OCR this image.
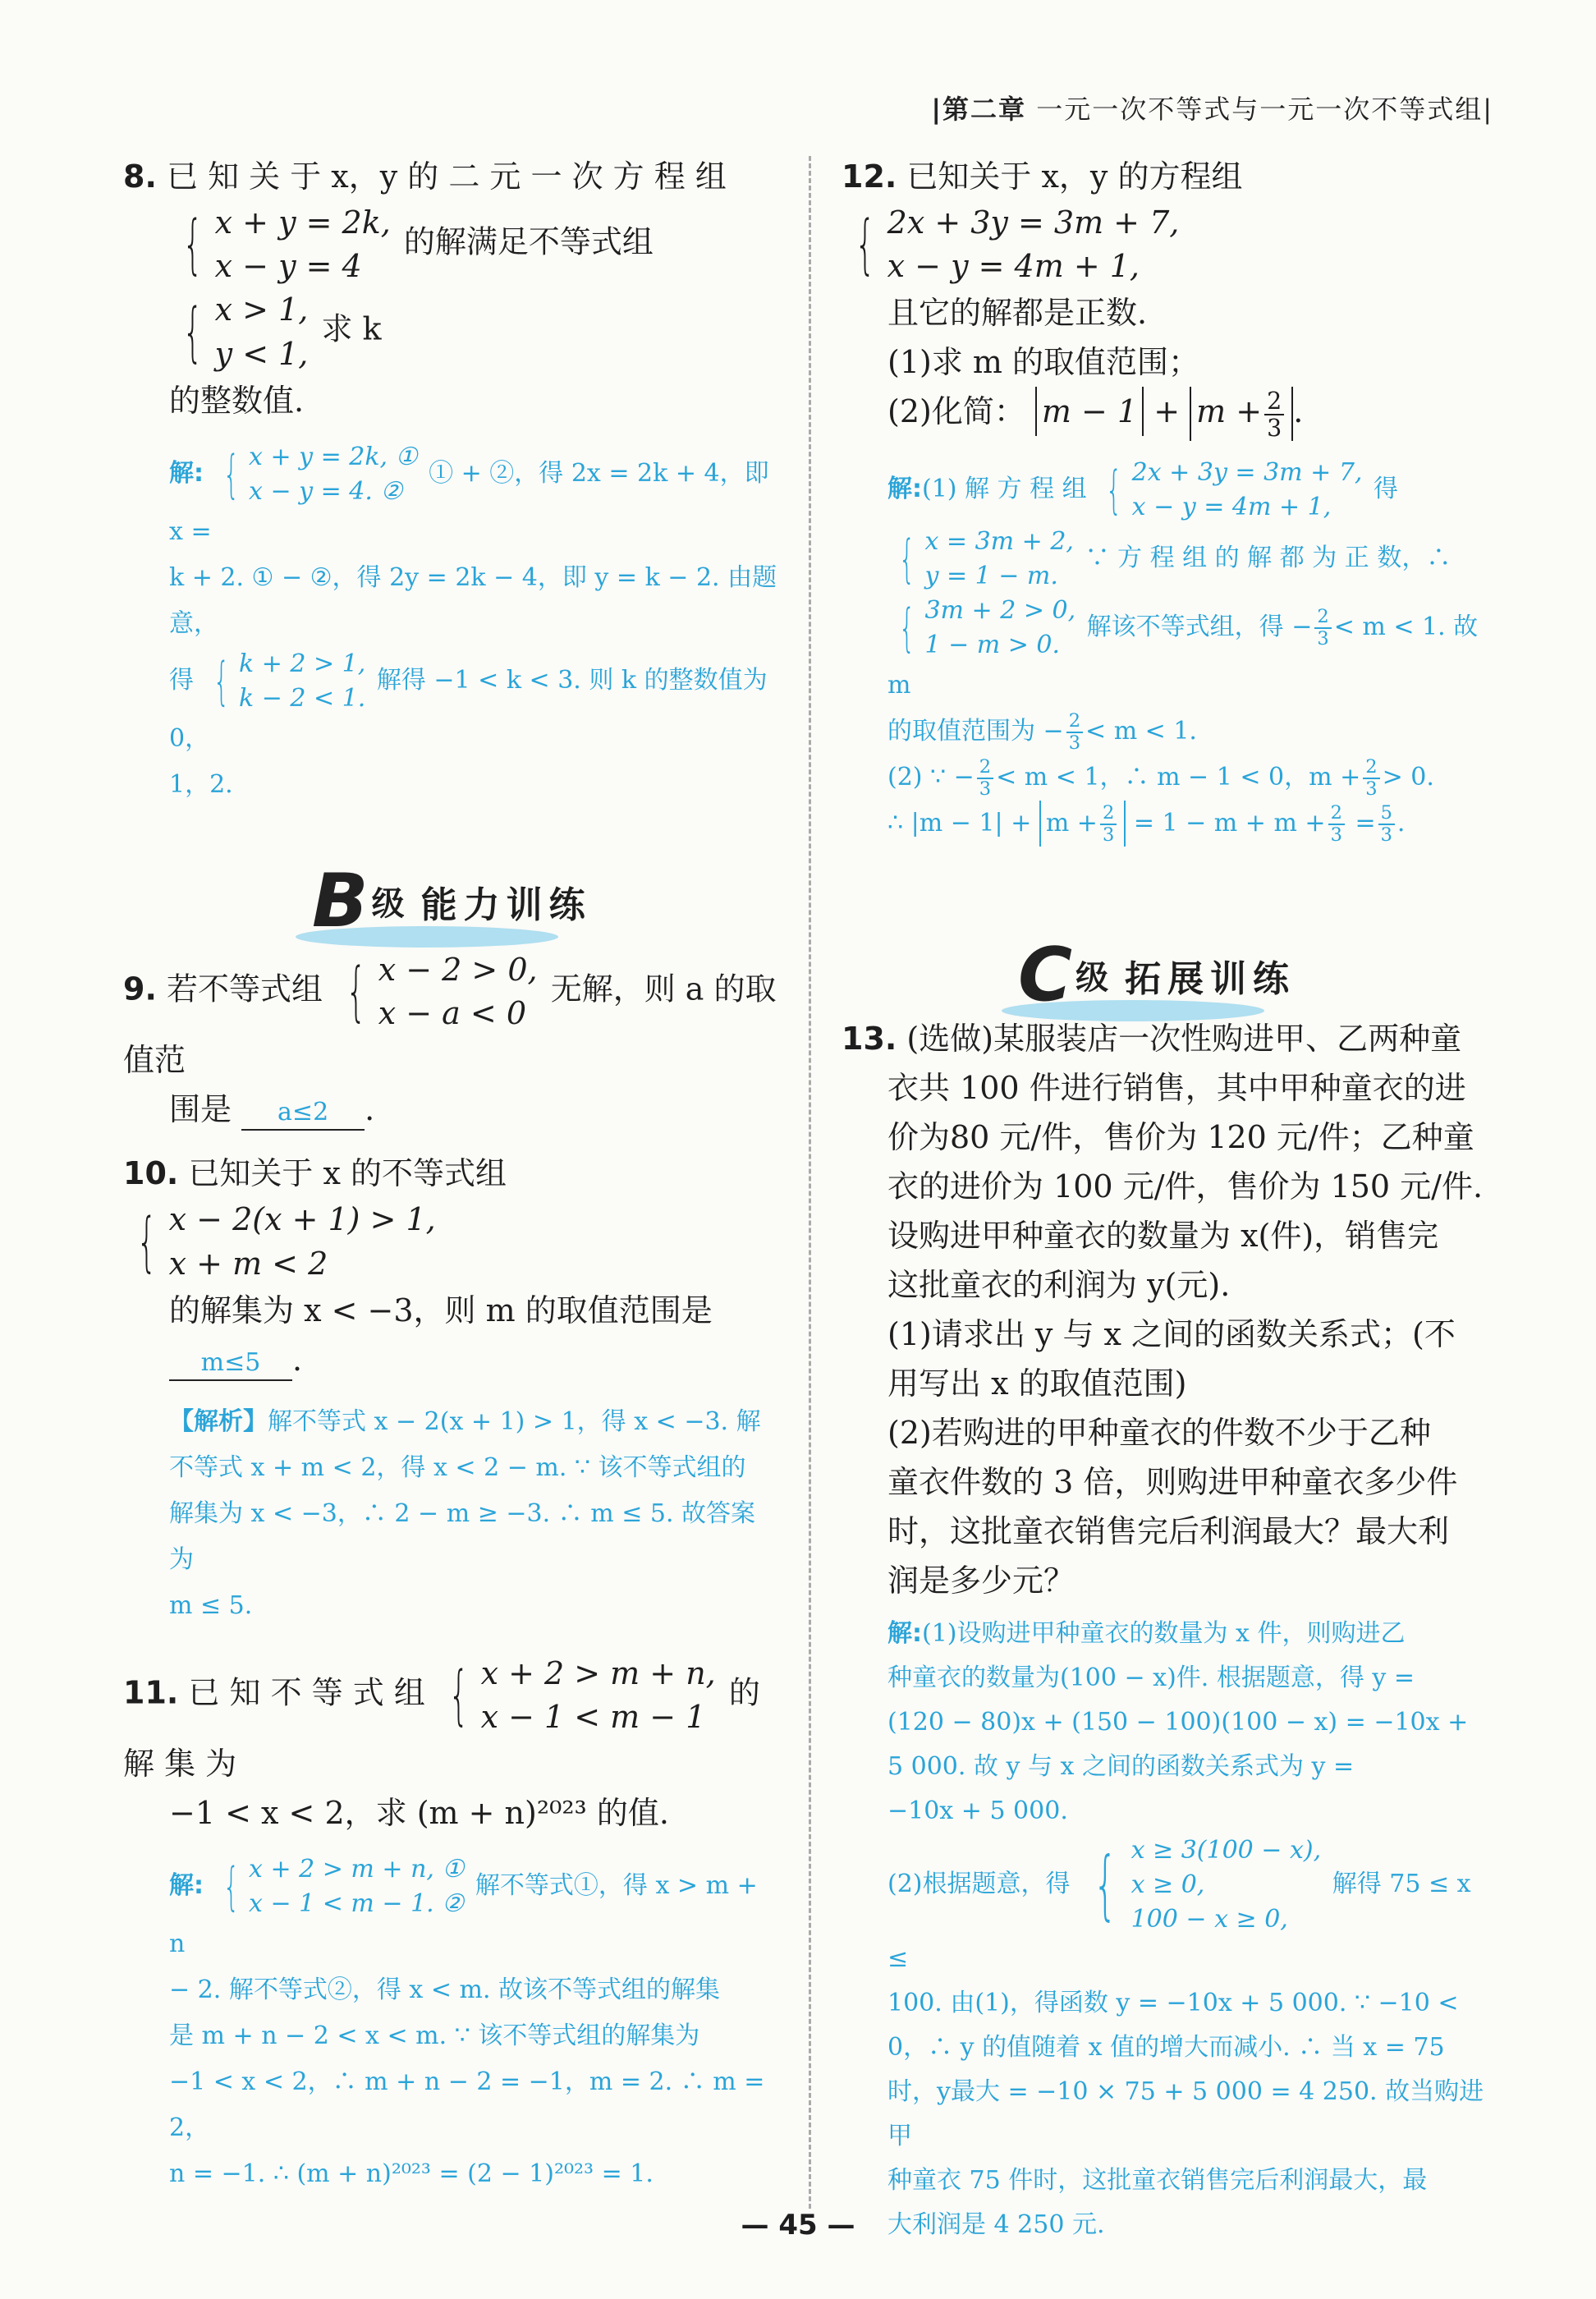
|第二章 一元一次不等式与一元一次不等式组|

8. 已 知 关 于 x，y 的 二 元 一 次 方 程 组

{ x + y = 2k,
x − y = 4
的解满足不等式组
{ x > 1,
y < 1,
求 k

的整数值.

解: { x + y = 2k, ①
x − y = 4. ②
① + ②，得 2x = 2k + 4，即 x =

k + 2. ① − ②，得 2y = 2k − 4，即 y = k − 2. 由题意，

得 { k + 2 > 1,
k − 2 < 1.
解得 −1 < k < 3. 则 k 的整数值为 0，

1，2.

B 级 能力训练

9. 若不等式组 { x − 2 > 0,
x − a < 0
无解，则 a 的取值范

围是 a≤2 .

10. 已知关于 x 的不等式组
{ x − 2(x + 1) > 1,
x + m < 2

的解集为 x < −3，则 m 的取值范围是

m≤5 .

【解析】解不等式 x − 2(x + 1) > 1，得 x < −3. 解

不等式 x + m < 2，得 x < 2 − m. ∵ 该不等式组的

解集为 x < −3，∴ 2 − m ≥ −3. ∴ m ≤ 5. 故答案为

m ≤ 5.

11. 已 知 不 等 式 组 { x + 2 > m + n,
x − 1 < m − 1
的 解 集 为

−1 < x < 2，求 (m + n)²⁰²³ 的值.

解: { x + 2 > m + n, ①
x − 1 < m − 1. ②
解不等式①，得 x > m + n

− 2. 解不等式②，得 x < m. 故该不等式组的解集

是 m + n − 2 < x < m. ∵ 该不等式组的解集为

−1 < x < 2，∴ m + n − 2 = −1，m = 2. ∴ m = 2，

n = −1. ∴ (m + n)²⁰²³ = (2 − 1)²⁰²³ = 1.

12. 已知关于 x，y 的方程组
{ 2x + 3y = 3m + 7,
x − y = 4m + 1,

且它的解都是正数.

(1)求 m 的取值范围；

(2)化简： $m - 1 + m + \frac{2}{3}$ .

解:(1) 解 方 程 组 { 2x + 3y = 3m + 7,
x − y = 4m + 1,
得

{ x = 3m + 2,
y = 1 − m.
∵ 方 程 组 的 解 都 为 正 数，∴

{ 3m + 2 > 0,
1 − m > 0.
解该不等式组，得 − $\frac{2}{3} < m < 1$. 故 m

的取值范围为 − $\frac{2}{3} < m < 1$.

(2) ∵ − $\frac{2}{3} < m < 1$，∴ m − 1 < 0，$m + \frac{2}{3} > 0$.

∴ $|m - 1| + m + \frac{2}{3} = 1 - m + m + \frac{2}{3} = \frac{5}{3}$ .

C 级 拓展训练

13. (选做)某服装店一次性购进甲、乙两种童

衣共 100 件进行销售，其中甲种童衣的进

价为80 元/件，售价为 120 元/件；乙种童

衣的进价为 100 元/件，售价为 150 元/件.

设购进甲种童衣的数量为 x(件)，销售完

这批童衣的利润为 y(元).

(1)请求出 y 与 x 之间的函数关系式；(不

用写出 x 的取值范围)

(2)若购进的甲种童衣的件数不少于乙种

童衣件数的 3 倍，则购进甲种童衣多少件

时，这批童衣销售完后利润最大？最大利

润是多少元？

解:(1)设购进甲种童衣的数量为 x 件，则购进乙

种童衣的数量为(100 − x)件. 根据题意，得 y =

(120 − 80)x + (150 − 100)(100 − x) = −10x +

5 000. 故 y 与 x 之间的函数关系式为 y =

−10x + 5 000.

(2)根据题意，得 { x ≥ 3(100 − x),
x ≥ 0,
100 − x ≥ 0,
解得 75 ≤ x ≤

100. 由(1)，得函数 y = −10x + 5 000. ∵ −10 <

0，∴ y 的值随着 x 值的增大而减小. ∴ 当 x = 75

时，y最大 = −10 × 75 + 5 000 = 4 250. 故当购进甲

种童衣 75 件时，这批童衣销售完后利润最大，最

大利润是 4 250 元.

— 45 —
